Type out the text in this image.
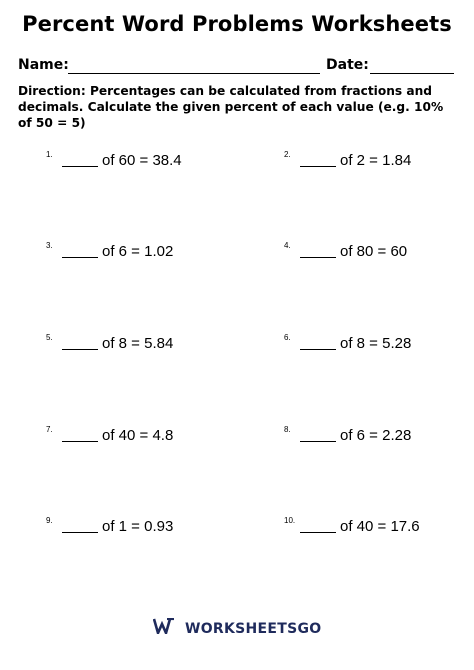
Percent Word Problems Worksheets
Name:	Date:
Direction: Percentages can be calculated from fractions and decimals. Calculate the given percent of each value (e.g. 10% of 50 = 5)
1.	of 60 = 38.4	2.	of 2 = 1.84
3.	of 6 = 1.02	4.	of 80 = 60
5.	of 8 = 5.84	6.	of 8 = 5.28
7.	of 40 = 4.8	8.	of 6 = 2.28
9.	of 1 = 0.93	10.	of 40 = 17.6
WORKSHEETSGO
